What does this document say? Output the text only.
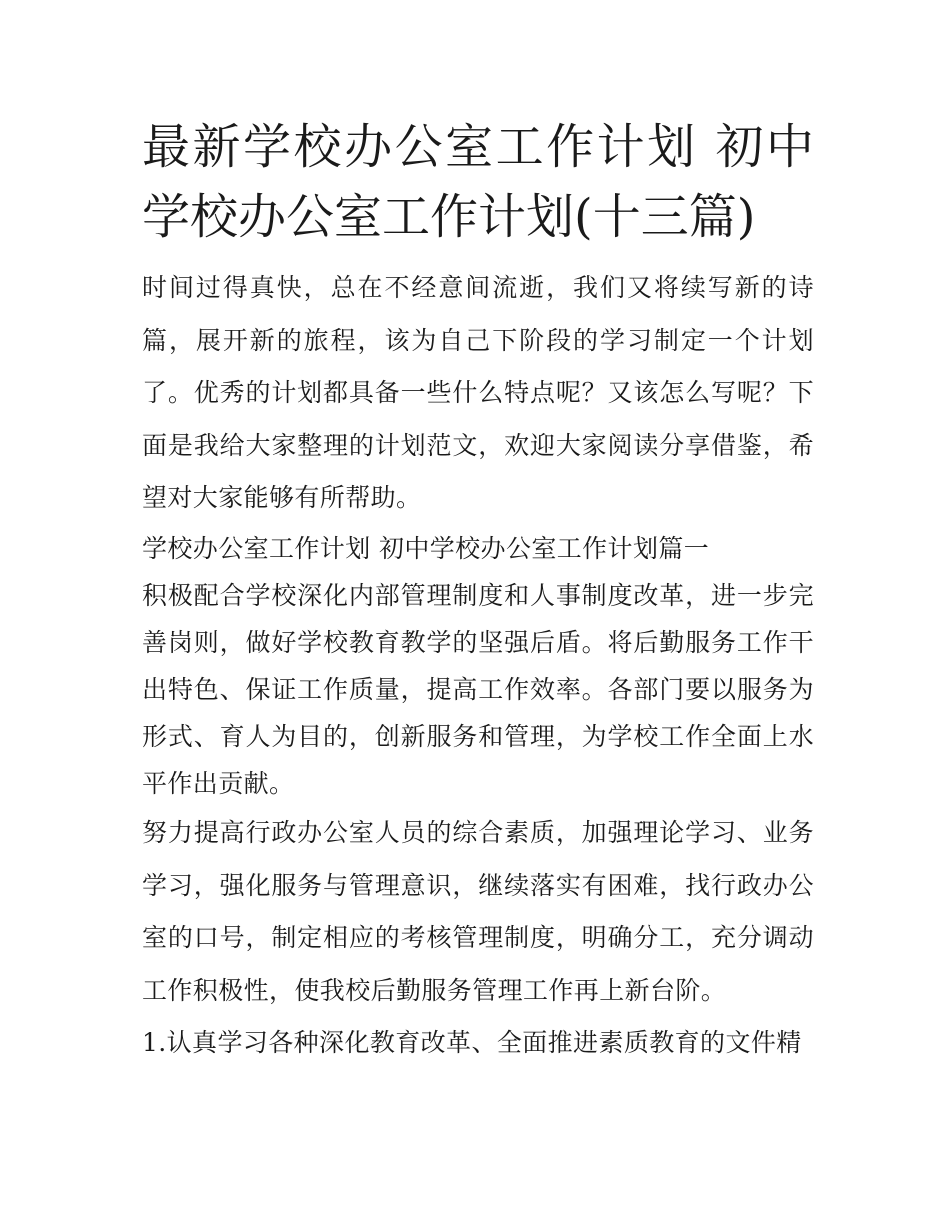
最新学校办公室工作计划 初中学校办公室工作计划(十三篇)

时间过得真快，总在不经意间流逝，我们又将续写新的诗篇，展开新的旅程，该为自己下阶段的学习制定一个计划了。优秀的计划都具备一些什么特点呢？又该怎么写呢？下面是我给大家整理的计划范文，欢迎大家阅读分享借鉴，希望对大家能够有所帮助。

学校办公室工作计划 初中学校办公室工作计划篇一

积极配合学校深化内部管理制度和人事制度改革，进一步完善岗则，做好学校教育教学的坚强后盾。将后勤服务工作干出特色、保证工作质量，提高工作效率。各部门要以服务为形式、育人为目的，创新服务和管理，为学校工作全面上水平作出贡献。

努力提高行政办公室人员的综合素质，加强理论学习、业务学习，强化服务与管理意识，继续落实有困难，找行政办公室的口号，制定相应的考核管理制度，明确分工，充分调动工作积极性，使我校后勤服务管理工作再上新台阶。

1.认真学习各种深化教育改革、全面推进素质教育的文件精
